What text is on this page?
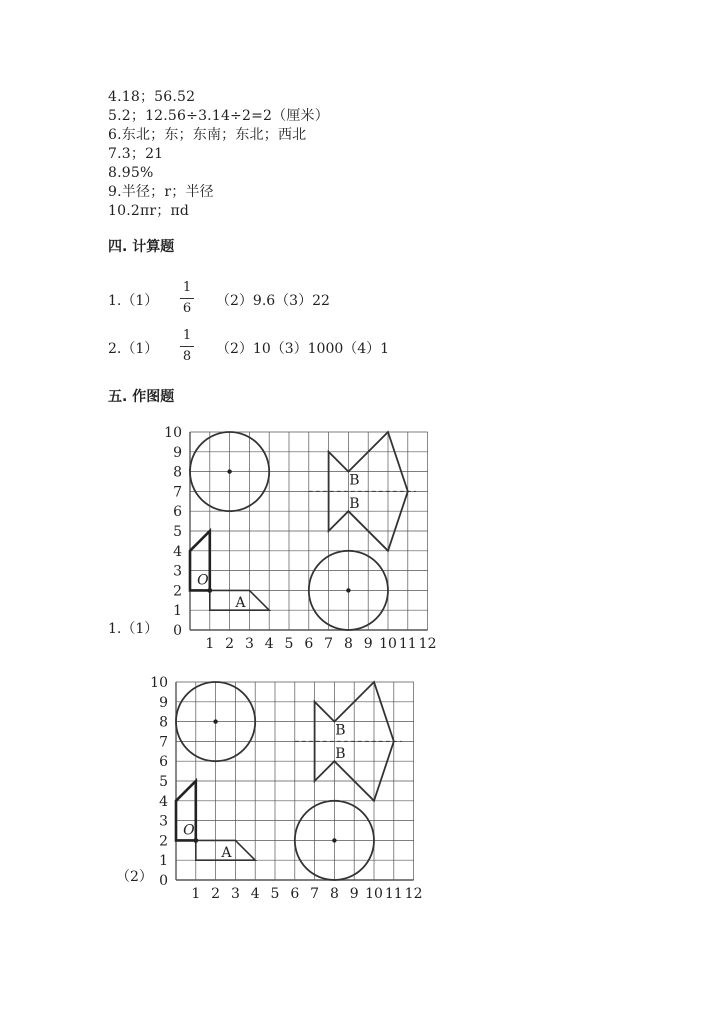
4.18；56.52
5.2；12.56÷3.14÷2=2（厘米）
6.东北；东；东南；东北；西北
7.3；21
8.95%
9.半径；r；半径
10.2πr；πd
四. 计算题
1.（1）
1
6 （2）9.6（3）22
2.（1）
1
8 （2）10（3）1000（4）1
五. 作图题
1.（1）
（2）
1 2 3 4 5 6 7 8 9 10 11 12
0
1
2
3
4
5
6
7
8
9
10
B
B
A
O
1 2 3 4 5 6 7 8 9 10 11 12
0
1
2
3
4
5
6
7
8
9
10
B
B
A
O
